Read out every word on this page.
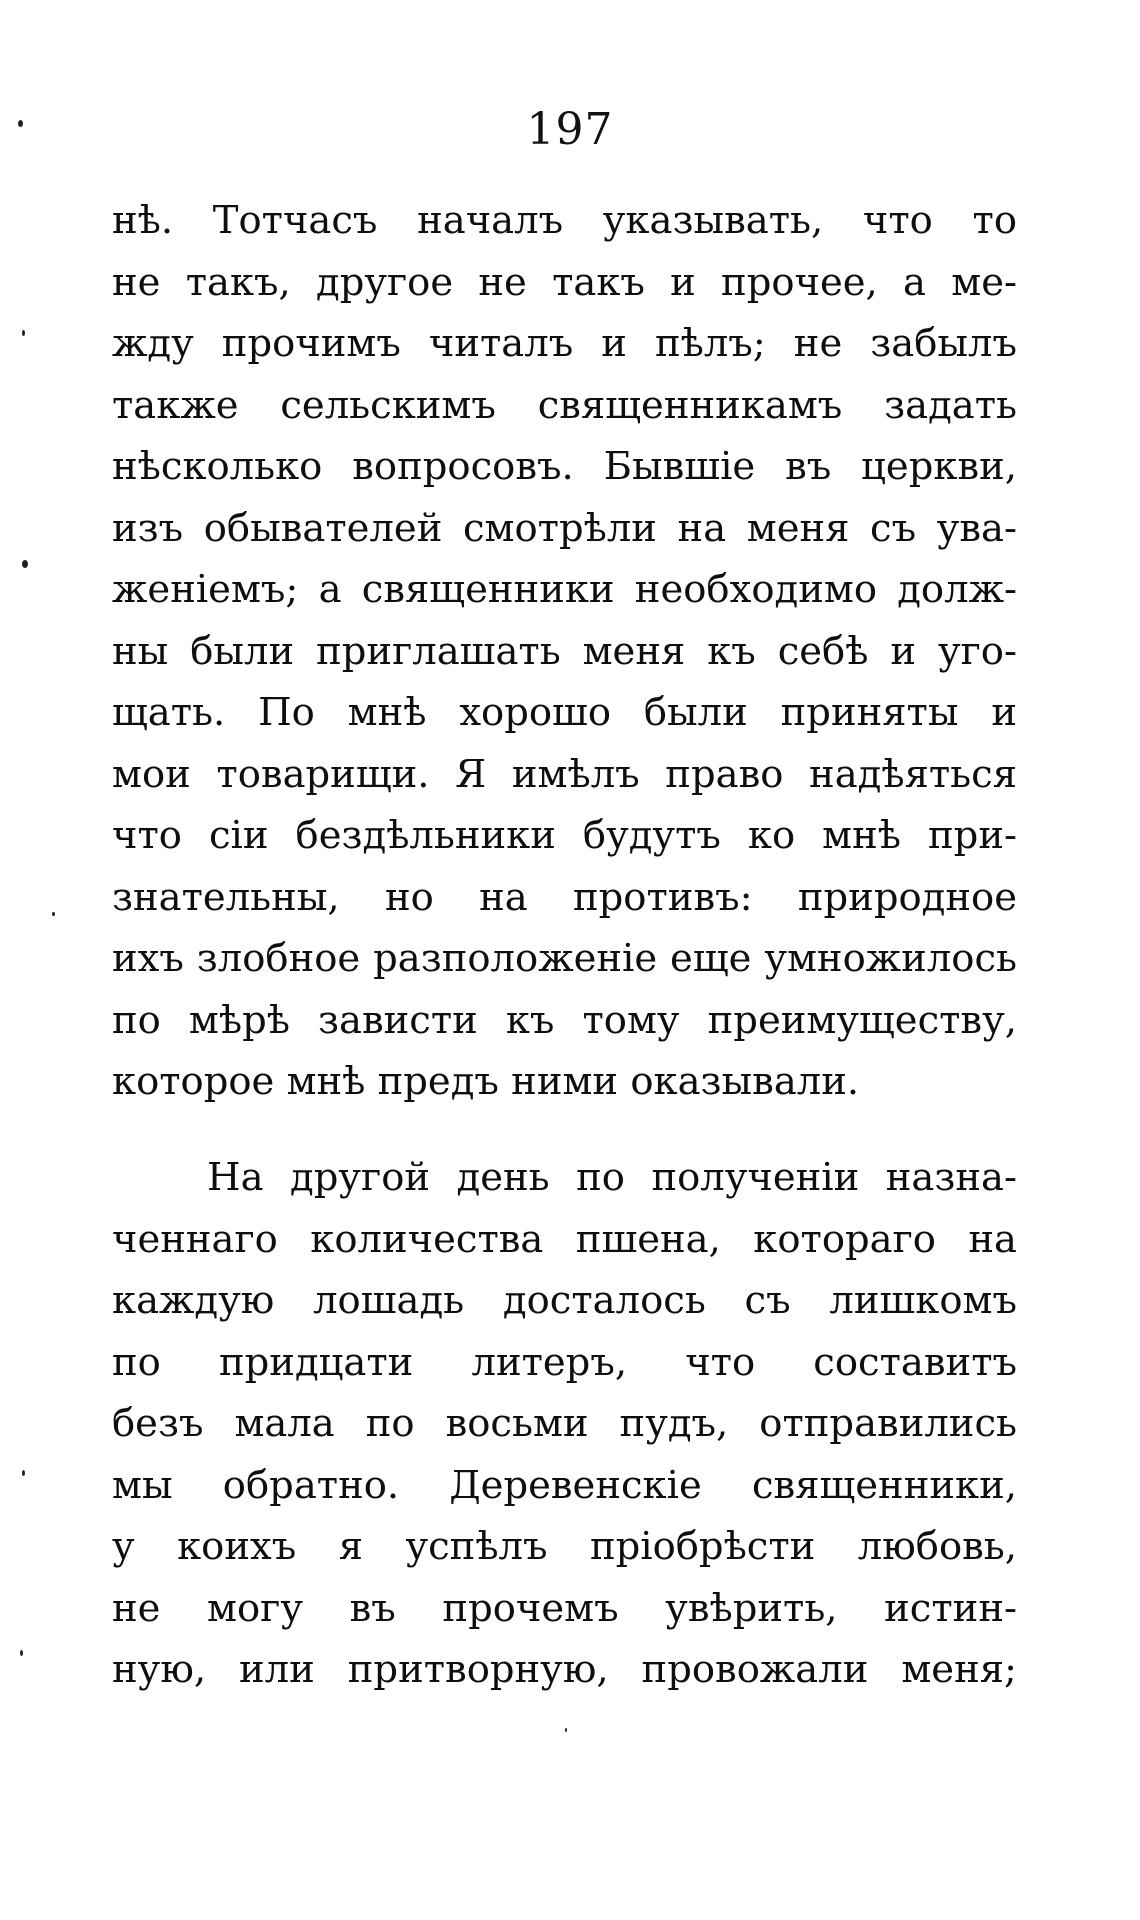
197
нѣ. Тотчасъ началъ указывать, что то
не такъ, другое не такъ и прочее, а ме-
жду прочимъ читалъ и пѣлъ; не забылъ
также сельскимъ священникамъ задать
нѣсколько вопросовъ. Бывшіе въ церкви,
изъ обывателей смотрѣли на меня съ ува-
женіемъ; а священники необходимо долж-
ны были приглашать меня къ себѣ и уго-
щать. По мнѣ хорошо были приняты и
мои товарищи. Я имѣлъ право надѣяться
что сіи бездѣльники будутъ ко мнѣ при-
знательны, но на противъ: природное
ихъ злобное разположеніе еще умножилось
по мѣрѣ зависти къ тому преимуществу,
которое мнѣ предъ ними оказывали.
На другой день по полученіи назна-
ченнаго количества пшена, котораго на
каждую лошадь досталось съ лишкомъ
по придцати литеръ, что составитъ
безъ мала по восьми пудъ, отправились
мы обратно. Деревенскіе священники,
у коихъ я успѣлъ пріобрѣсти любовь,
не могу въ прочемъ увѣрить, истин-
ную, или притворную, провожали меня;
